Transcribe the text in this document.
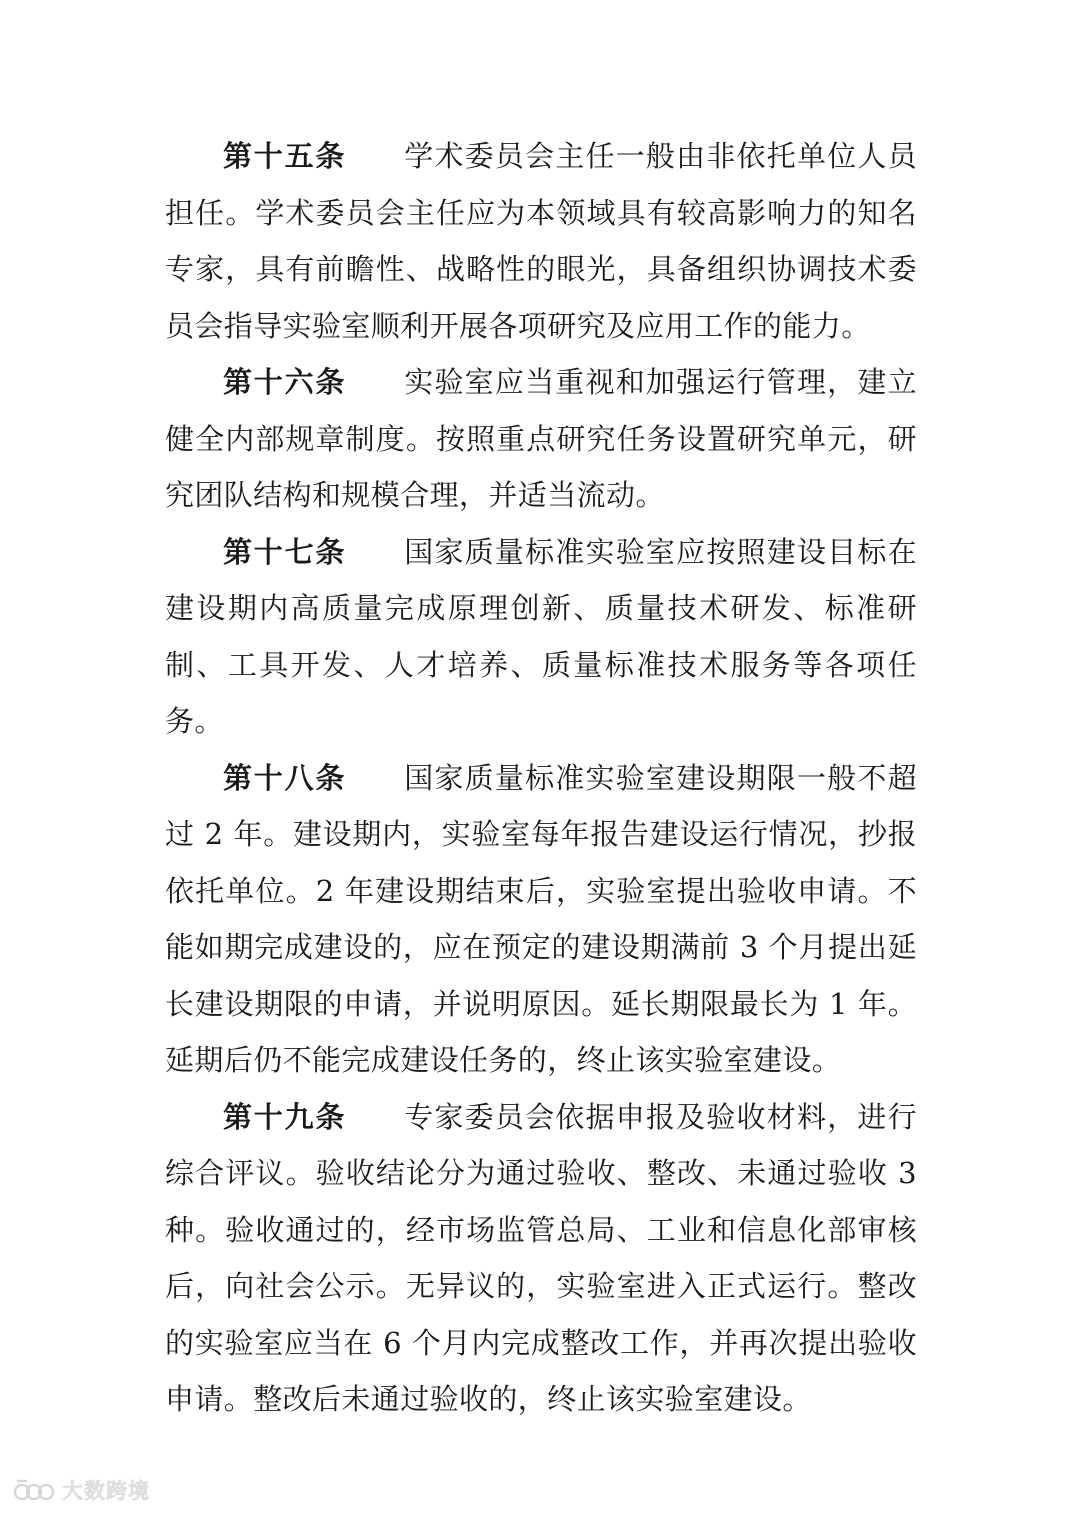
第十五条 学术委员会主任一般由非依托单位人员担任。学术委员会主任应为本领域具有较高影响力的知名专家，具有前瞻性、战略性的眼光，具备组织协调技术委员会指导实验室顺利开展各项研究及应用工作的能力。

第十六条 实验室应当重视和加强运行管理，建立健全内部规章制度。按照重点研究任务设置研究单元，研究团队结构和规模合理，并适当流动。

第十七条 国家质量标准实验室应按照建设目标在建设期内高质量完成原理创新、质量技术研发、标准研制、工具开发、人才培养、质量标准技术服务等各项任务。

第十八条 国家质量标准实验室建设期限一般不超过 2 年。建设期内，实验室每年报告建设运行情况，抄报依托单位。2 年建设期结束后，实验室提出验收申请。不能如期完成建设的，应在预定的建设期满前 3 个月提出延长建设期限的申请，并说明原因。延长期限最长为 1 年。延期后仍不能完成建设任务的，终止该实验室建设。

第十九条 专家委员会依据申报及验收材料，进行综合评议。验收结论分为通过验收、整改、未通过验收 3 种。验收通过的，经市场监管总局、工业和信息化部审核后，向社会公示。无异议的，实验室进入正式运行。整改的实验室应当在 6 个月内完成整改工作，并再次提出验收申请。整改后未通过验收的，终止该实验室建设。

大数跨境
